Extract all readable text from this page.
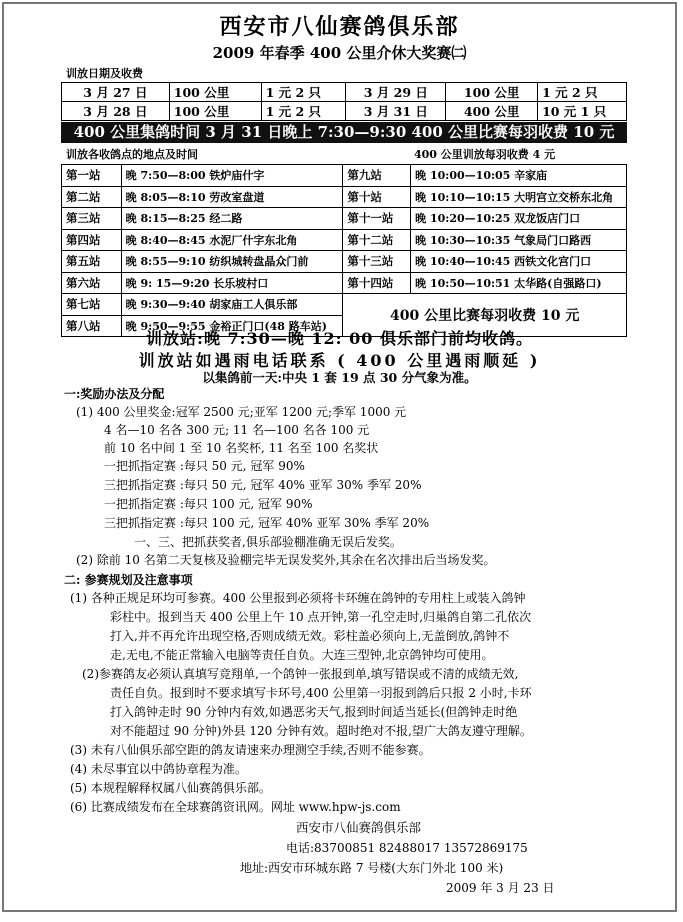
西安市八仙赛鸽俱乐部
2009 年春季 400 公里介休大奖赛㈡
训放日期及收费
3 月 27 日	100 公里	1 元 2 只	3 月 29 日	100 公里	1 元 2 只
3 月 28 日	100 公里	1 元 2 只	3 月 31 日	400 公里	10 元 1 只
400 公里集鸽时间 3 月 31 日晚上 7:30—9:30 400 公里比赛每羽收费 10 元
训放各收鸽点的地点及时间	400 公里训放每羽收费 4 元
第一站	晚 7:50—8:00 铁炉庙什字	第九站	晚 10:00—10:05 辛家庙
第二站	晚 8:05—8:10 劳改室盘道	第十站	晚 10:10—10:15 大明宫立交桥东北角
第三站	晚 8:15—8:25 经二路	第十一站	晚 10:20—10:25 双龙饭店门口
第四站	晚 8:40—8:45 水泥厂什字东北角	第十二站	晚 10:30—10:35 气象局门口路西
第五站	晚 8:55—9:10 纺织城转盘晶众门前	第十三站	晚 10:40—10:45 西铁文化宫门口
第六站	晚 9: 15—9:20 长乐坡村口	第十四站	晚 10:50—10:51 太华路(自强路口)
第七站	晚 9:30—9:40 胡家庙工人俱乐部	400 公里比赛每羽收费 10 元	
第八站	晚 9:50—9:55 金裕正门口(48 路车站)		
训放站:晚 7:30—晚 12: 00 俱乐部门前均收鸽。
训放站如遇雨电话联系 ( 400 公里遇雨顺延 )
以集鸽前一天:中央 1 套 19 点 30 分气象为准。
一:奖励办法及分配
(1) 400 公里奖金:冠军 2500 元;亚军 1200 元;季军 1000 元
4 名—10 名各 300 元; 11 名—100 名各 100 元
前 10 名中间 1 至 10 名奖杯, 11 名至 100 名奖状
一把抓指定赛 :每只 50 元, 冠军 90%
三把抓指定赛 :每只 50 元, 冠军 40% 亚军 30% 季军 20%
一把抓指定赛 :每只 100 元, 冠军 90%
三把抓指定赛 :每只 100 元, 冠军 40% 亚军 30% 季军 20%
一、三、把抓获奖者,俱乐部验棚准确无误后发奖。
(2) 除前 10 名第二天复核及验棚完毕无误发奖外,其余在名次排出后当场发奖。
二: 参赛规划及注意事项
(1) 各种正规足环均可参赛。400 公里报到必须将卡环缠在鸽钟的专用柱上或装入鸽钟
彩柱中。报到当天 400 公里上午 10 点开钟,第一孔空走时,归巢鸽自第二孔依次
打入,并不再允许出现空格,否则成绩无效。彩柱盖必须向上,无盖倒放,鸽钟不
走,无电,不能正常输入电脑等责任自负。大连三型钟,北京鸽钟均可使用。
(2)参赛鸽友必须认真填写竞翔单,一个鸽钟一张报到单,填写错误或不清的成绩无效,
责任自负。报到时不要求填写卡环号,400 公里第一羽报到鸽后只报 2 小时,卡环
打入鸽钟走时 90 分钟内有效,如遇恶劣天气,报到时间适当延长(但鸽钟走时绝
对不能超过 90 分钟)外县 120 分钟有效。超时绝对不报,望广大鸽友遵守理解。
(3) 未有八仙俱乐部空距的鸽友请速来办理测空手续,否则不能参赛。
(4) 未尽事宜以中鸽协章程为准。
(5) 本规程解释权属八仙赛鸽俱乐部。
(6) 比赛成绩发布在全球赛鸽资讯网。网址 www.hpw-js.com
西安市八仙赛鸽俱乐部
电话:83700851 82488017 13572869175
地址:西安市环城东路 7 号楼(大东门外北 100 米)
2009 年 3 月 23 日
